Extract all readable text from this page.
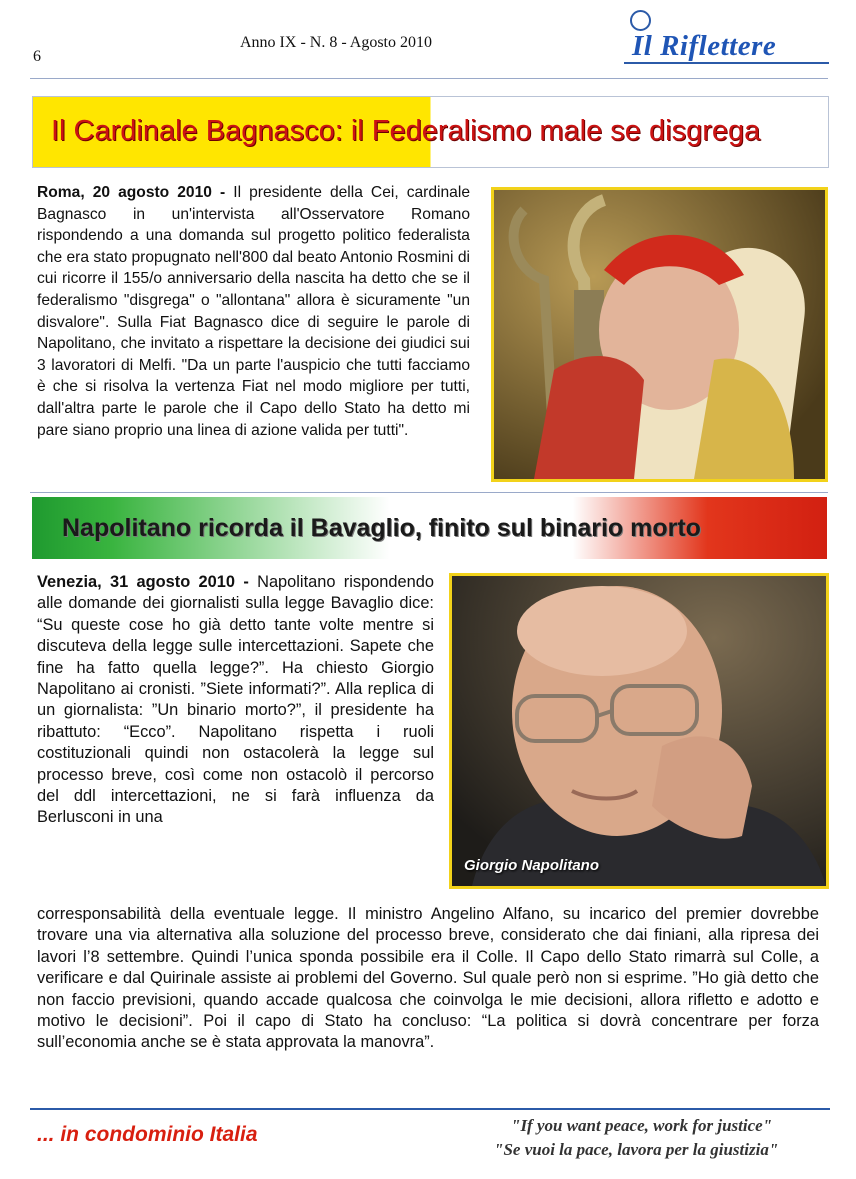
6
Anno IX - N. 8 - Agosto 2010	Il Riflettere
Il Cardinale Bagnasco: il Federalismo male se disgrega
Roma, 20 agosto 2010 - Il presidente della Cei, cardinale Bagnasco in un'intervista all'Osservatore Romano rispondendo a una domanda sul progetto politico federalista che era stato propugnato nell'800 dal beato Antonio Rosmini di cui ricorre il 155/o anniversario della nascita ha detto che se il federalismo "disgrega" o "allontana" allora è sicuramente "un disvalore". Sulla Fiat Bagnasco dice di seguire le parole di Napolitano, che invitato a rispettare la decisione dei giudici sui 3 lavoratori di Melfi. "Da un parte l'auspicio che tutti facciamo è che si risolva la vertenza Fiat nel modo migliore per tutti, dall'altra parte le parole che il Capo dello Stato ha detto mi pare siano proprio una linea di azione valida per tutti".
Napolitano ricorda il Bavaglio, finito sul binario morto
Venezia, 31 agosto 2010 - Napolitano rispondendo alle domande dei giornalisti sulla legge Bavaglio dice: “Su queste cose ho già detto tante volte mentre si discuteva della legge sulle intercettazioni. Sapete che fine ha fatto quella legge?”. Ha chiesto Giorgio Napolitano ai cronisti. ”Siete informati?”. Alla replica di un giornalista: ”Un binario morto?”, il presidente ha ribattuto: “Ecco”. Napolitano rispetta i ruoli costituzionali quindi non ostacolerà la legge sul processo breve, così come non ostacolò il percorso del ddl intercettazioni, ne si farà influenza da Berlusconi in una
Giorgio Napolitano
corresponsabilità della eventuale legge. Il ministro Angelino Alfano, su incarico del premier dovrebbe trovare una via alternativa alla soluzione del processo breve, considerato che dai finiani, alla ripresa dei lavori l’8 settembre. Quindi l’unica sponda possibile era il Colle. Il Capo dello Stato rimarrà sul Colle, a verificare e dal Quirinale assiste ai problemi del Governo. Sul quale però non si esprime. ”Ho già detto che non faccio previsioni, quando accade qualcosa che coinvolga le mie decisioni, allora rifletto e adotto e motivo le decisioni”. Poi il capo di Stato ha concluso: “La politica si dovrà concentrare per forza sull’economia anche se è stata approvata la manovra”.
... in condominio Italia	"If you want peace, work for justice"
"Se vuoi la pace, lavora per la giustizia"
